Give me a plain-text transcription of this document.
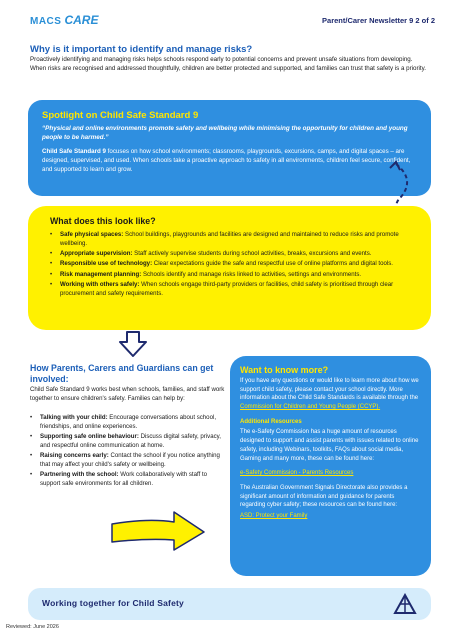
MACS CARE	Parent/Carer Newsletter 9 2 of 2
Why is it important to identify and manage risks?
Proactively identifying and managing risks helps schools respond early to potential concerns and prevent unsafe situations from developing. When risks are recognised and addressed thoughtfully, children are better protected and supported, and families can trust that safety is a priority.
Spotlight on Child Safe Standard 9
“Physical and online environments promote safety and wellbeing while minimising the opportunity for children and young people to be harmed.”
Child Safe Standard 9 focuses on how school environments; classrooms, playgrounds, excursions, camps, and digital spaces – are designed, supervised, and used. When schools take a proactive approach to safety in all environments, children feel secure, confident, and supported to learn and grow.
What does this look like?
• Safe physical spaces: School buildings, playgrounds and facilities are designed and maintained to reduce risks and promote wellbeing.
• Appropriate supervision: Staff actively supervise students during school activities, breaks, excursions and events.
• Responsible use of technology: Clear expectations guide the safe and respectful use of online platforms and digital tools.
• Risk management planning: Schools identify and manage risks linked to activities, settings and environments.
• Working with others safely: When schools engage third-party providers or facilities, child safety is prioritised through clear procurement and safety requirements.
How Parents, Carers and Guardians can get involved:
Child Safe Standard 9 works best when schools, families, and staff work together to ensure children's safety. Families can help by:
• Talking with your child: Encourage conversations about school, friendships, and online experiences.
• Supporting safe online behaviour: Discuss digital safety, privacy, and respectful online communication at home.
• Raising concerns early: Contact the school if you notice anything that may affect your child's safety or wellbeing.
• Partnering with the school: Work collaboratively with staff to support safe environments for all children.
Want to know more?

If you have any questions or would like to learn more about how we support child safety, please contact your school directly. More information about the Child Safe Standards is available through the Commission for Children and Young People (CCYP).

Additional Resources

The e-Safety Commission has a huge amount of resources designed to support and assist parents with issues related to online safety, including Webinars, toolkits, FAQs about social media, Gaming and many more, these can be found here:

e-Safety Commission - Parents Resources

The Australian Government Signals Directorate also provides a significant amount of information and guidance for parents regarding cyber safety; these resources can be found here:

ASD: Protect your Family

Working together for Child Safety
Reviewed: June 2026
